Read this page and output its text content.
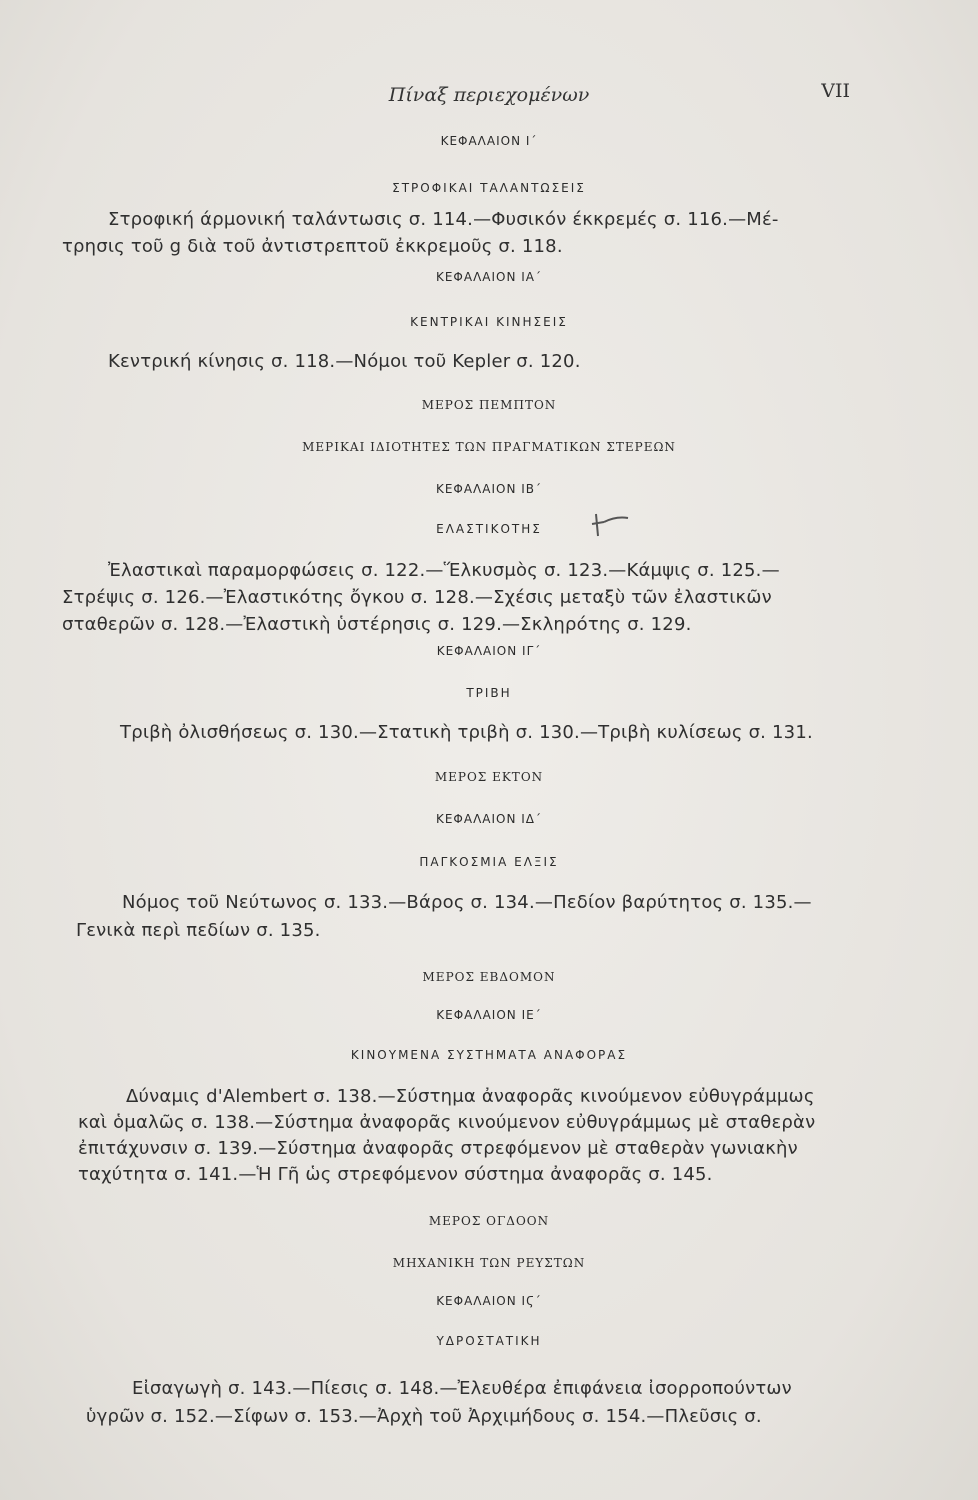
Πίναξ περιεχομένων	VII
ΚΕΦΑΛΑΙΟΝ Ι΄
ΣΤΡΟΦΙΚΑΙ ΤΑΛΑΝΤΩΣΕΙΣ
Στροφική άρμονική ταλάντωσις σ. 114.—Φυσικόν έκκρεμές σ. 116.—Μέ-
τρησις τοῦ g διὰ τοῦ ἀντιστρεπτοῦ ἐκκρεμοῦς σ. 118.
ΚΕΦΑΛΑΙΟΝ ΙΑ΄
ΚΕΝΤΡΙΚΑΙ ΚΙΝΗΣΕΙΣ
Κεντρική κίνησις σ. 118.—Νόμοι τοῦ Kepler σ. 120.
ΜΕΡΟΣ ΠΕΜΠΤΟΝ
ΜΕΡΙΚΑΙ ΙΔΙΟΤΗΤΕΣ ΤΩΝ ΠΡΑΓΜΑΤΙΚΩΝ ΣΤΕΡΕΩΝ
ΚΕΦΑΛΑΙΟΝ ΙΒ΄
ΕΛΑΣΤΙΚΟΤΗΣ
Ἐλαστικαὶ παραμορφώσεις σ. 122.—Ἕλκυσμὸς σ. 123.—Κάμψις σ. 125.—
Στρέψις σ. 126.—Ἐλαστικότης ὄγκου σ. 128.—Σχέσις μεταξὺ τῶν ἐλαστικῶν
σταθερῶν σ. 128.—Ἐλαστικὴ ὑστέρησις σ. 129.—Σκληρότης σ. 129.
ΚΕΦΑΛΑΙΟΝ ΙΓ΄
ΤΡΙΒΗ
Τριβὴ ὀλισθήσεως σ. 130.—Στατικὴ τριβὴ σ. 130.—Τριβὴ κυλίσεως σ. 131.
ΜΕΡΟΣ ΕΚΤΟΝ
ΚΕΦΑΛΑΙΟΝ ΙΔ΄
ΠΑΓΚΟΣΜΙΑ ΕΛΞΙΣ
Νόμος τοῦ Νεύτωνος σ. 133.—Βάρος σ. 134.—Πεδίον βαρύτητος σ. 135.—
Γενικὰ περὶ πεδίων σ. 135.
ΜΕΡΟΣ ΕΒΔΟΜΟΝ
ΚΕΦΑΛΑΙΟΝ ΙΕ΄
ΚΙΝΟΥΜΕΝΑ ΣΥΣΤΗΜΑΤΑ ΑΝΑΦΟΡΑΣ
Δύναμις d'Alembert σ. 138.—Σύστημα ἀναφορᾶς κινούμενον εὐθυγράμμως
καὶ ὁμαλῶς σ. 138.—Σύστημα ἀναφορᾶς κινούμενον εὐθυγράμμως μὲ σταθερὰν
ἐπιτάχυνσιν σ. 139.—Σύστημα ἀναφορᾶς στρεφόμενον μὲ σταθερὰν γωνιακὴν
ταχύτητα σ. 141.—Ἡ Γῆ ὡς στρεφόμενον σύστημα ἀναφορᾶς σ. 145.
ΜΕΡΟΣ ΟΓΔΟΟΝ
ΜΗΧΑΝΙΚΗ ΤΩΝ ΡΕΥΣΤΩΝ
ΚΕΦΑΛΑΙΟΝ ΙϚ΄
ΥΔΡΟΣΤΑΤΙΚΗ
Εἰσαγωγὴ σ. 143.—Πίεσις σ. 148.—Ἐλευθέρα ἐπιφάνεια ἰσορροπούντων
ὑγρῶν σ. 152.—Σίφων σ. 153.—Ἀρχὴ τοῦ Ἀρχιμήδους σ. 154.—Πλεῦσις σ.
